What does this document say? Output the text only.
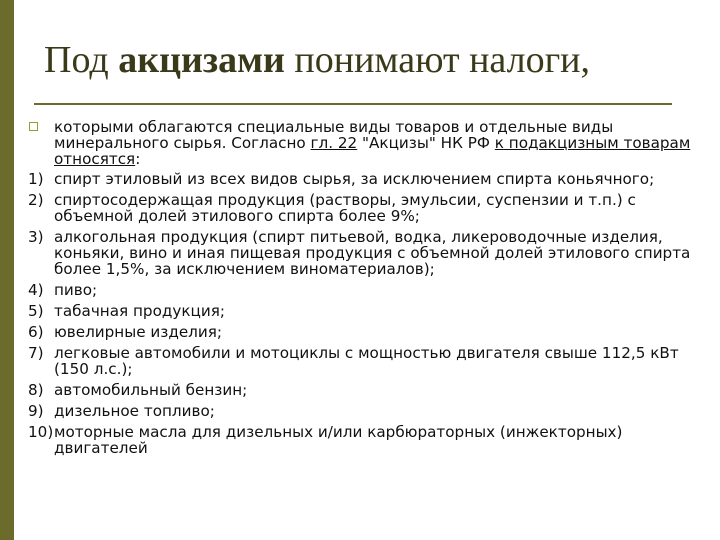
Под акцизами понимают налоги,
которыми облагаются специальные виды товаров и отдельные виды минерального сырья. Согласно гл. 22 "Акцизы" НК РФ к подакцизным товарам относятся:
1) спирт этиловый из всех видов сырья, за исключением спирта коньячного;
2) спиртосодержащая продукция (растворы, эмульсии, суспензии и т.п.) с объемной долей этилового спирта более 9%;
3) алкогольная продукция (спирт питьевой, водка, ликероводочные изделия, коньяки, вино и иная пищевая продукция с объемной долей этилового спирта более 1,5%, за исключением виноматериалов);
4) пиво;
5) табачная продукция;
6) ювелирные изделия;
7) легковые автомобили и мотоциклы с мощностью двигателя свыше 112,5 кВт (150 л.с.);
8) автомобильный бензин;
9) дизельное топливо;
10) моторные масла для дизельных и/или карбюраторных (инжекторных) двигателей
